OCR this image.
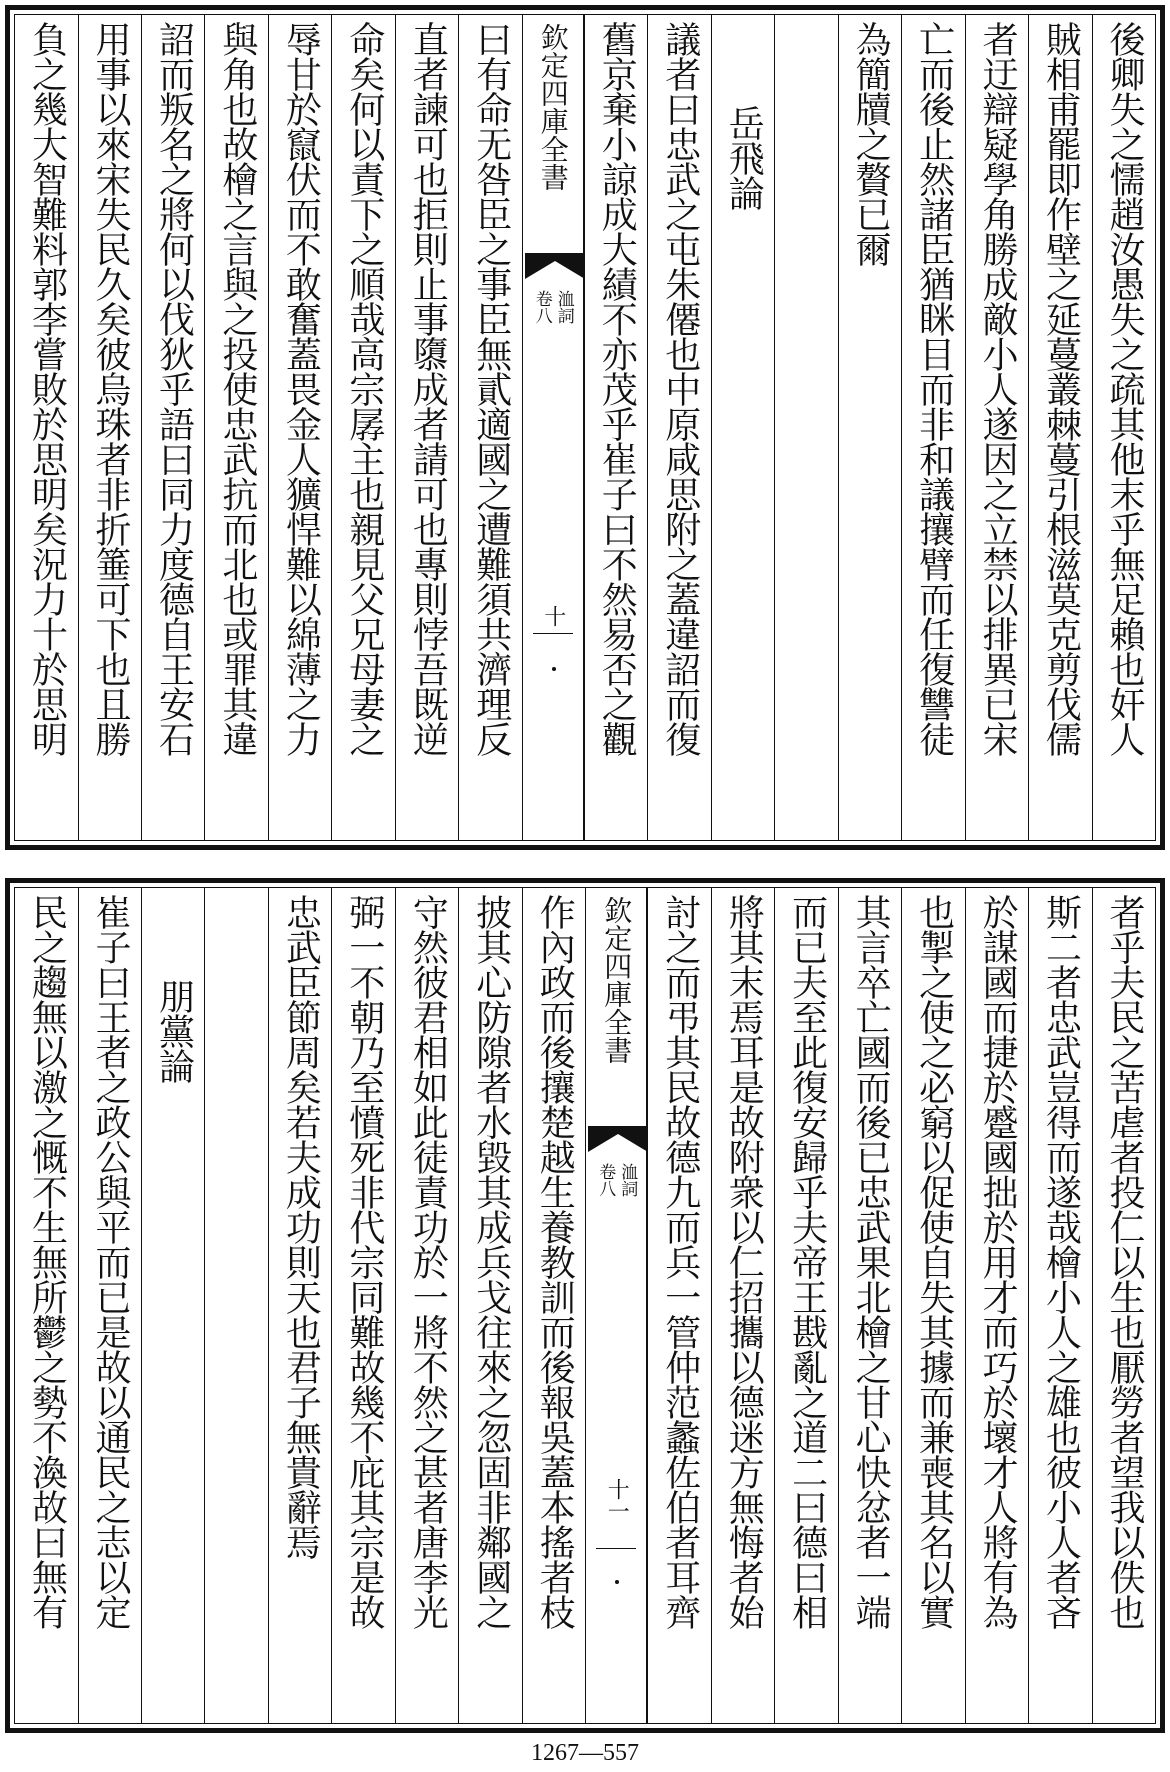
後卿失之懦趙汝愚失之疏其他末乎無足賴也奸人
賊相甫罷即作壁之延蔓叢棘蔓引根滋莫克剪伐儒
者迂辯疑學角勝成敵小人遂因之立禁以排異已宋
亡而後止然諸臣猶眯目而非和議攘臂而任復讐徒
為簡牘之贅已爾
岳飛論
議者曰忠武之屯朱僊也中原咸思附之蓋違詔而復
舊京棄小諒成大績不亦茂乎崔子曰不然易否之觀
欽定四庫全書
洫詞
卷八
十
曰有命无咎臣之事臣無貳適國之遭難須共濟理反
直者諫可也拒則止事隳成者請可也專則悖吾既逆
命矣何以責下之順哉高宗孱主也親見父兄母妻之
辱甘於竄伏而不敢奮蓋畏金人獷悍難以綿薄之力
與角也故檜之言與之投使忠武抗而北也或罪其違
詔而叛名之將何以伐狄乎語曰同力度德自王安石
用事以來宋失民久矣彼烏珠者非折箠可下也且勝
負之幾大智難料郭李嘗敗於思明矣況力十於思明
者乎夫民之苦虐者投仁以生也厭勞者望我以佚也
斯二者忠武豈得而遂哉檜小人之雄也彼小人者吝
於謀國而捷於蹙國拙於用才而巧於壞才人將有為
也掣之使之必窮以促使自失其據而兼喪其名以實
其言卒亡國而後已忠武果北檜之甘心快忿者一端
而已夫至此復安歸乎夫帝王戡亂之道二曰德曰相
將其末焉耳是故附衆以仁招攜以德迷方無悔者始
討之而弔其民故德九而兵一管仲范蠡佐伯者耳齊
欽定四庫全書
洫詞
卷八
十一
作內政而後攘楚越生養教訓而後報吳蓋本搖者枝
披其心防隙者水毀其成兵戈往來之忽固非鄰國之
守然彼君相如此徒責功於一將不然之甚者唐李光
弼一不朝乃至憤死非代宗同難故幾不庇其宗是故
忠武臣節周矣若夫成功則天也君子無貴辭焉
朋黨論
崔子曰王者之政公與平而已是故以通民之志以定
民之趨無以激之慨不生無所鬱之勢不渙故曰無有
1267—557
